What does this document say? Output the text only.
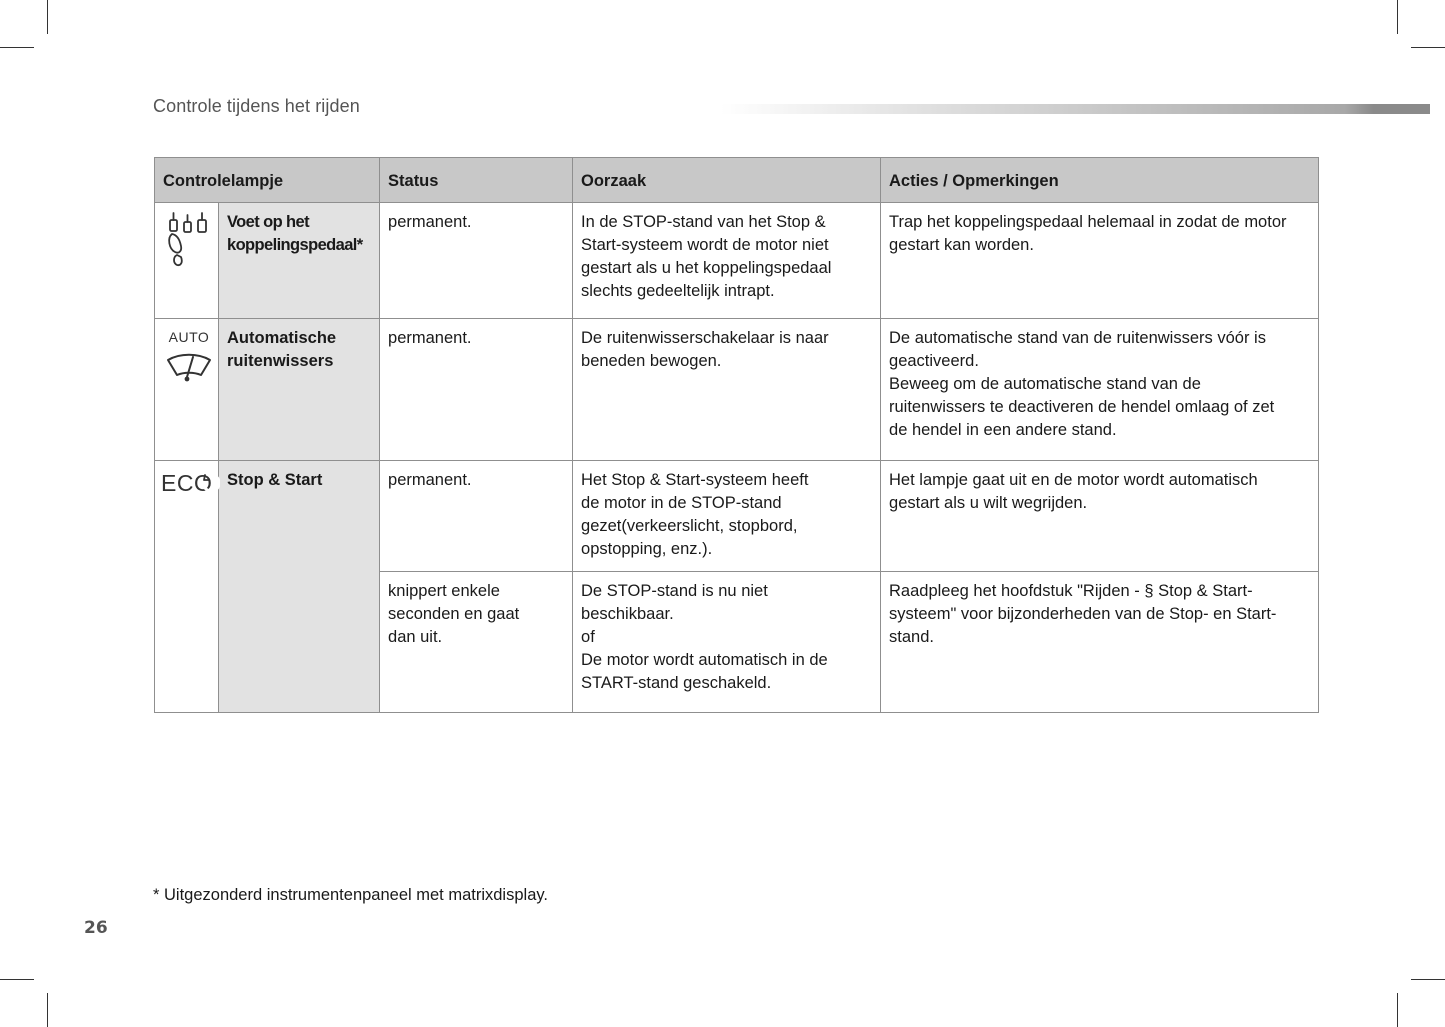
Controle tijdens het rijden
Controlelampje		Status	Oorzaak	Acties / Opmerkingen

	Voet op het koppelingspedaal*	permanent.	In de STOP-stand van het Stop &
Start-systeem wordt de motor niet
gestart als u het koppelingspedaal
slechts gedeeltelijk intrapt.	Trap het koppelingspedaal helemaal in zodat de motor
gestart kan worden.

AUTO	Automatische ruitenwissers	permanent.	De ruitenwisserschakelaar is naar
beneden bewogen.	De automatische stand van de ruitenwissers vóór is
geactiveerd.
Beweeg om de automatische stand van de
ruitenwissers te deactiveren de hendel omlaag of zet
de hendel in een andere stand.

ECO	Stop & Start	permanent.	Het Stop & Start-systeem heeft
de motor in de STOP-stand
gezet(verkeerslicht, stopbord,
opstopping, enz.).	Het lampje gaat uit en de motor wordt automatisch
gestart als u wilt wegrijden.
		knippert enkele
seconden en gaat
dan uit.	De STOP-stand is nu niet
beschikbaar.
of
De motor wordt automatisch in de
START-stand geschakeld.	Raadpleeg het hoofdstuk "Rijden - § Stop & Start-
systeem" voor bijzonderheden van de Stop- en Start-
stand.
* Uitgezonderd instrumentenpaneel met matrixdisplay.
26
